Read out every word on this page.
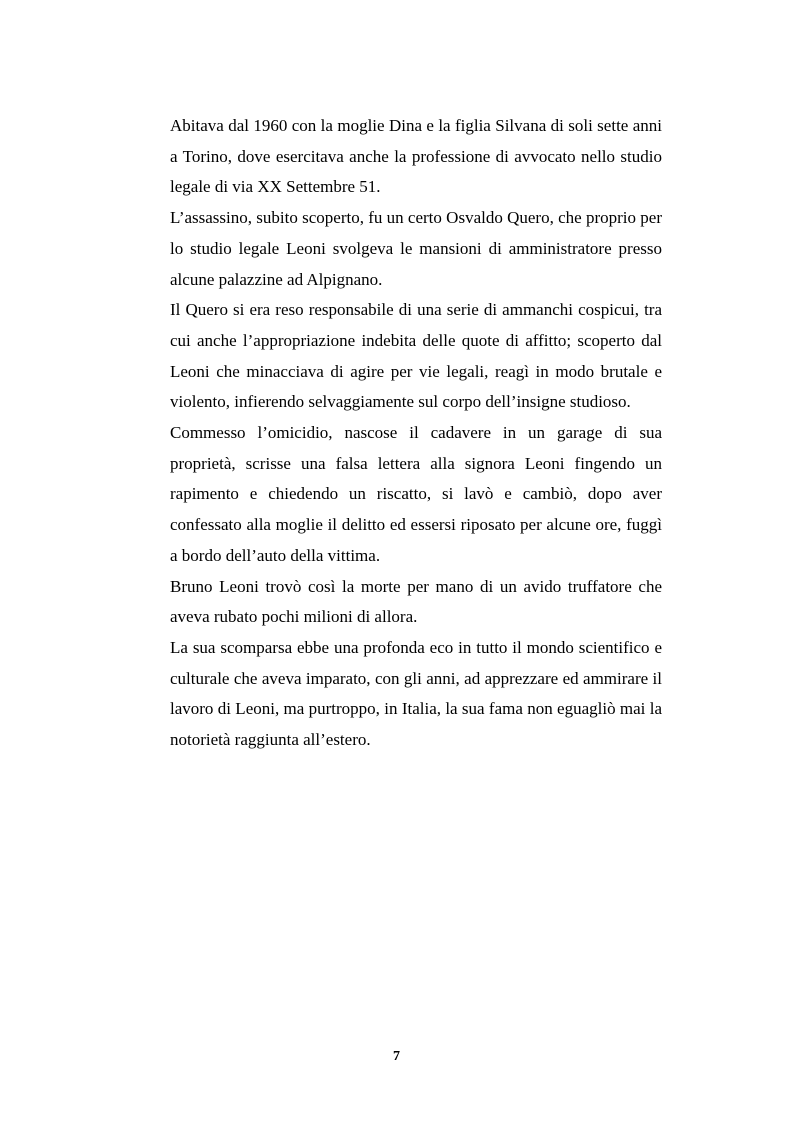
Abitava dal 1960 con la moglie Dina e la figlia Silvana di soli sette anni a Torino, dove esercitava anche la professione di avvocato nello studio legale di via XX Settembre 51.

L’assassino, subito scoperto, fu un certo Osvaldo Quero, che proprio per lo studio legale Leoni svolgeva le mansioni di amministratore presso alcune palazzine ad Alpignano.

Il Quero si era reso responsabile di una serie di ammanchi cospicui, tra cui anche l’appropriazione indebita delle quote di affitto; scoperto dal Leoni che minacciava di agire per vie legali, reagì in modo brutale e violento, infierendo selvaggiamente sul corpo dell’insigne studioso.

Commesso l’omicidio, nascose il cadavere in un garage di sua proprietà, scrisse una falsa lettera alla signora Leoni fingendo un rapimento e chiedendo un riscatto, si lavò e cambiò, dopo aver confessato alla moglie il delitto ed essersi riposato per alcune ore, fuggì a bordo dell’auto della vittima.

Bruno Leoni trovò così la morte per mano di un avido truffatore che aveva rubato pochi milioni di allora.

La sua scomparsa ebbe una profonda eco in tutto il mondo scientifico e culturale che aveva imparato, con gli anni, ad apprezzare ed ammirare il lavoro di Leoni, ma purtroppo, in Italia, la sua fama non eguagliò mai la notorietà raggiunta all’estero.

7
